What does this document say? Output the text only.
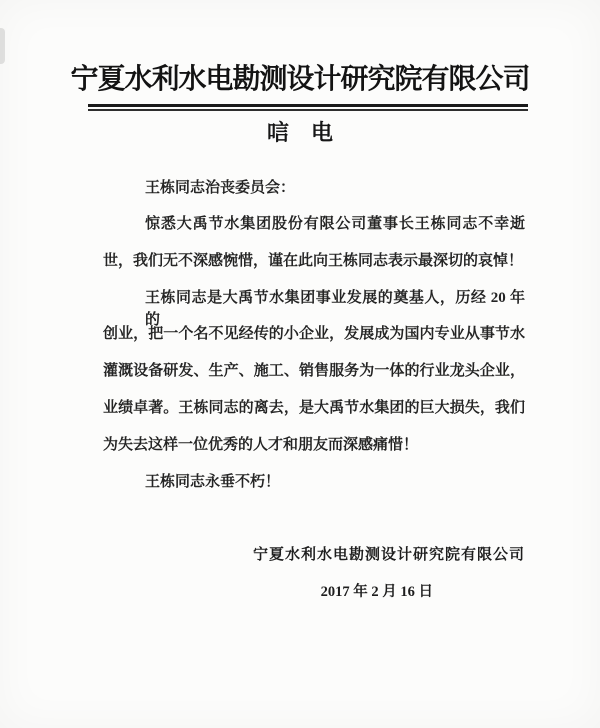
宁夏水利水电勘测设计研究院有限公司
唁　电
王栋同志治丧委员会：
惊悉大禹节水集团股份有限公司董事长王栋同志不幸逝
世，我们无不深感惋惜，谨在此向王栋同志表示最深切的哀悼！
王栋同志是大禹节水集团事业发展的奠基人，历经 20 年的
创业，把一个名不见经传的小企业，发展成为国内专业从事节水
灌溉设备研发、生产、施工、销售服务为一体的行业龙头企业，
业绩卓著。王栋同志的离去，是大禹节水集团的巨大损失，我们
为失去这样一位优秀的人才和朋友而深感痛惜！
王栋同志永垂不朽！
宁夏水利水电勘测设计研究院有限公司
2017 年 2 月 16 日
